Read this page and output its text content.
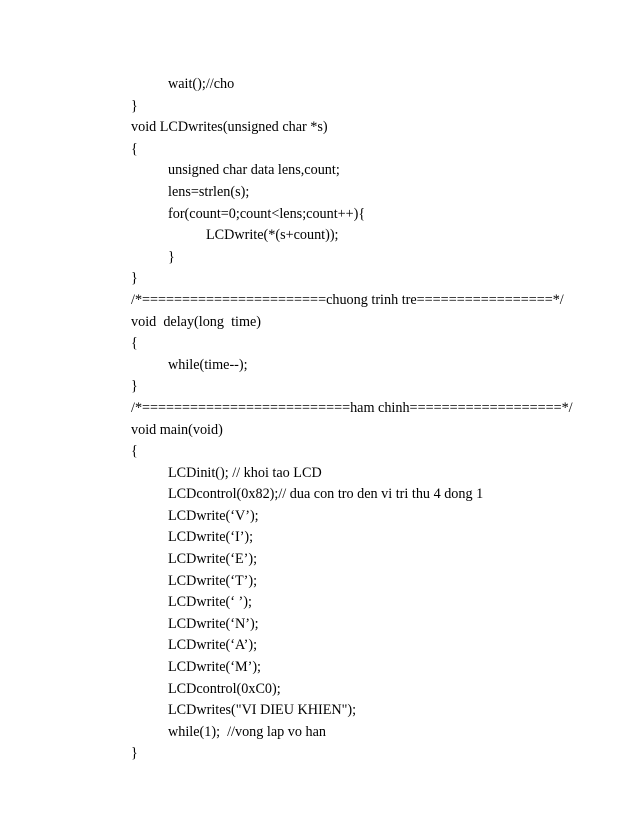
wait();//cho
}
void LCDwrites(unsigned char *s)
{
unsigned char data lens,count;
lens=strlen(s);
for(count=0;count<lens;count++){
LCDwrite(*(s+count));
}
}
/*=======================chuong trinh tre=================*/
void  delay(long  time)
{
while(time--);
}
/*==========================ham chinh===================*/
void main(void)
{
LCDinit(); // khoi tao LCD
LCDcontrol(0x82);// dua con tro den vi tri thu 4 dong 1
LCDwrite(‘V’);
LCDwrite(‘I’);
LCDwrite(‘E’);
LCDwrite(‘T’);
LCDwrite(‘ ’);
LCDwrite(‘N’);
LCDwrite(‘A’);
LCDwrite(‘M’);
LCDcontrol(0xC0);
LCDwrites("VI DIEU KHIEN");
while(1);  //vong lap vo han
}
